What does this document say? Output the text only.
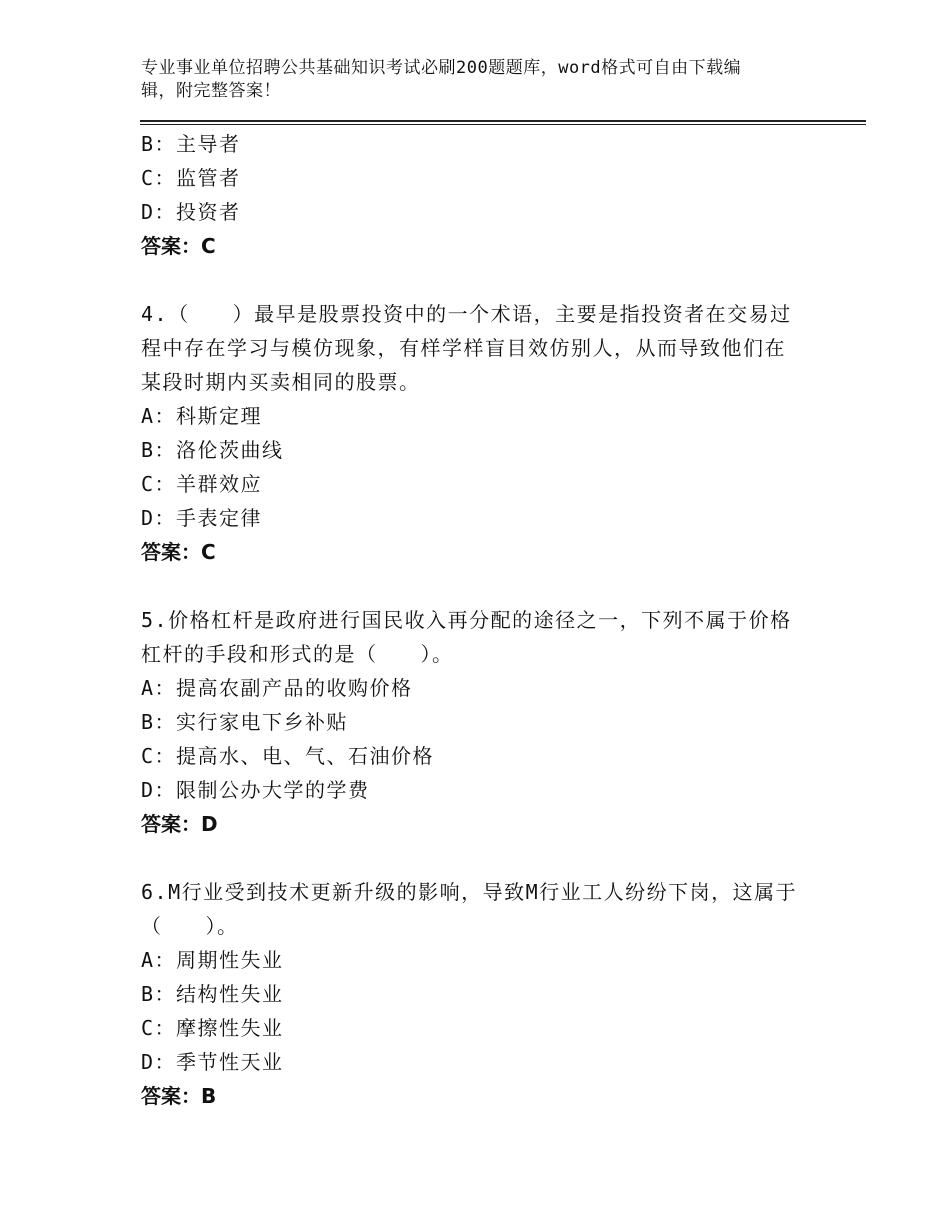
专业事业单位招聘公共基础知识考试必刷200题题库，word格式可自由下载编
辑，附完整答案！
B：主导者
C：监管者
D：投资者
答案：C
4.（　　）最早是股票投资中的一个术语，主要是指投资者在交易过
程中存在学习与模仿现象，有样学样盲目效仿别人，从而导致他们在
某段时期内买卖相同的股票。
A：科斯定理
B：洛伦茨曲线
C：羊群效应
D：手表定律
答案：C
5.价格杠杆是政府进行国民收入再分配的途径之一，下列不属于价格
杠杆的手段和形式的是（　　）。
A：提高农副产品的收购价格
B：实行家电下乡补贴
C：提高水、电、气、石油价格
D：限制公办大学的学费
答案：D
6.M行业受到技术更新升级的影响，导致M行业工人纷纷下岗，这属于
（　　）。
A：周期性失业
B：结构性失业
C：摩擦性失业
D：季节性天业
答案：B
